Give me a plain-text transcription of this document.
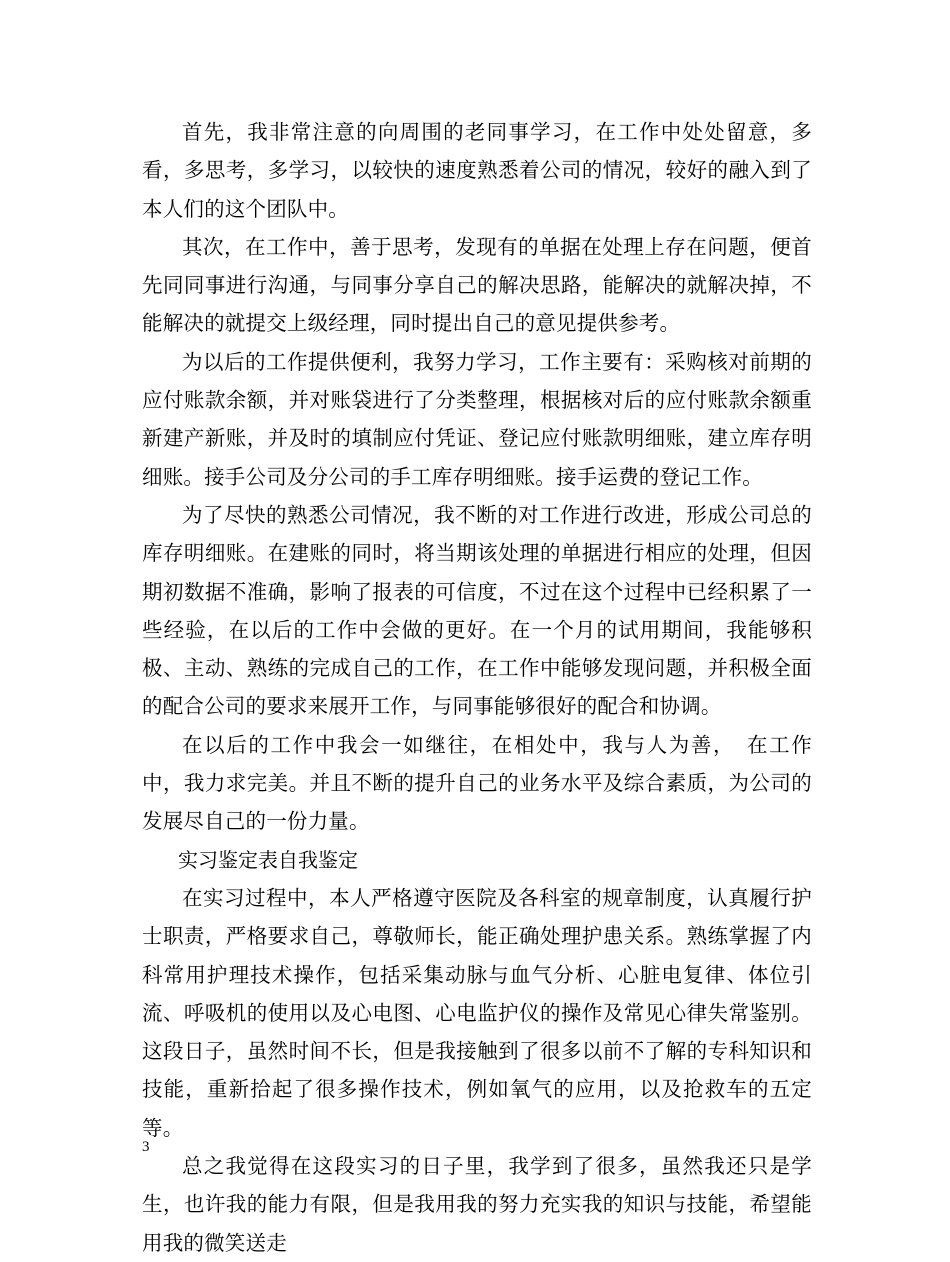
首先，我非常注意的向周围的老同事学习，在工作中处处留意，多看，多思考，多学习，以较快的速度熟悉着公司的情况，较好的融入到了本人们的这个团队中。

其次，在工作中，善于思考，发现有的单据在处理上存在问题，便首先同同事进行沟通，与同事分享自己的解决思路，能解决的就解决掉，不能解决的就提交上级经理，同时提出自己的意见提供参考。

为以后的工作提供便利，我努力学习，工作主要有：采购核对前期的应付账款余额，并对账袋进行了分类整理，根据核对后的应付账款余额重新建产新账，并及时的填制应付凭证、登记应付账款明细账，建立库存明细账。接手公司及分公司的手工库存明细账。接手运费的登记工作。

为了尽快的熟悉公司情况，我不断的对工作进行改进，形成公司总的库存明细账。在建账的同时，将当期该处理的单据进行相应的处理，但因期初数据不准确，影响了报表的可信度，不过在这个过程中已经积累了一些经验，在以后的工作中会做的更好。在一个月的试用期间，我能够积极、主动、熟练的完成自己的工作，在工作中能够发现问题，并积极全面的配合公司的要求来展开工作，与同事能够很好的配合和协调。

在以后的工作中我会一如继往，在相处中，我与人为善，　在工作中，我力求完美。并且不断的提升自己的业务水平及综合素质，为公司的发展尽自己的一份力量。

实习鉴定表自我鉴定

在实习过程中，本人严格遵守医院及各科室的规章制度，认真履行护士职责，严格要求自己，尊敬师长，能正确处理护患关系。熟练掌握了内科常用护理技术操作，包括采集动脉与血气分析、心脏电复律、体位引流、呼吸机的使用以及心电图、心电监护仪的操作及常见心律失常鉴别。这段日子，虽然时间不长，但是我接触到了很多以前不了解的专科知识和技能，重新拾起了很多操作技术，例如氧气的应用，以及抢救车的五定等。

总之我觉得在这段实习的日子里，我学到了很多，虽然我还只是学生，也许我的能力有限，但是我用我的努力充实我的知识与技能，希望能用我的微笑送走

3
